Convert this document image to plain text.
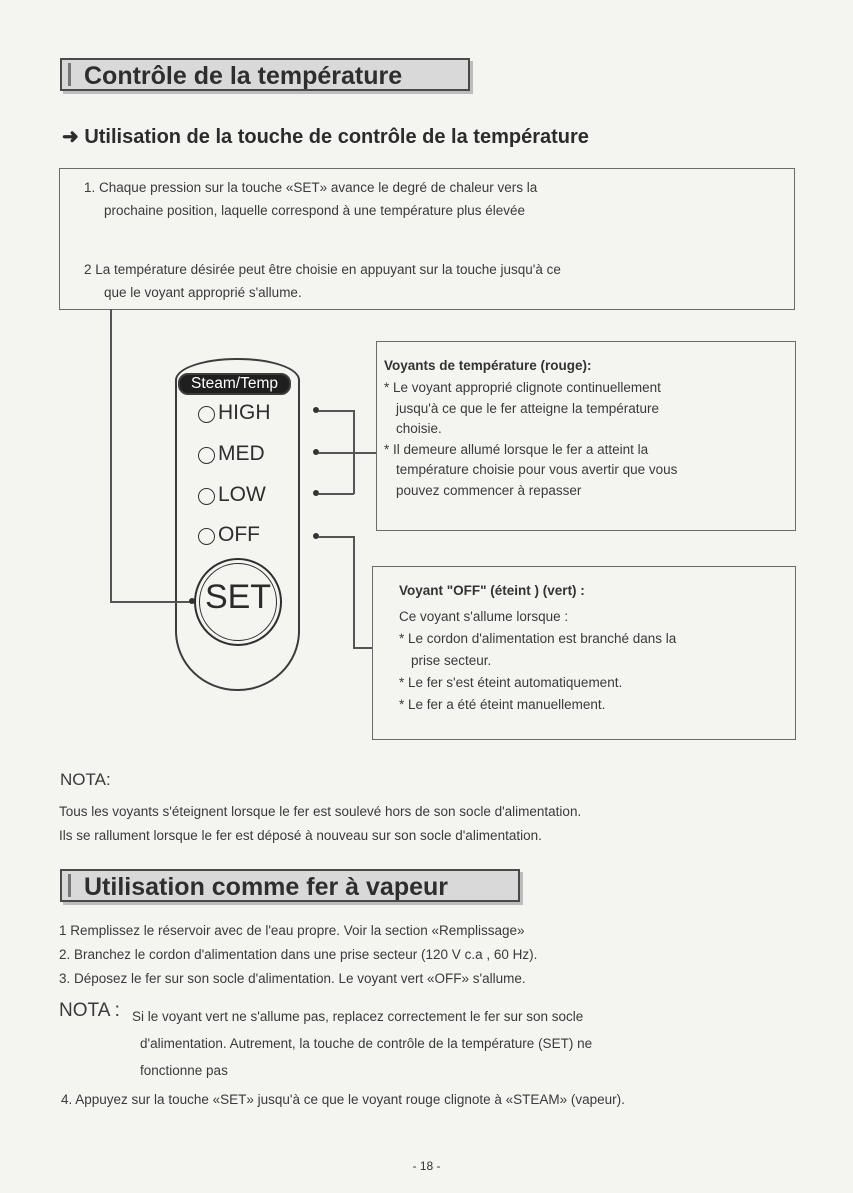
Contrôle de la température
➜ Utilisation de la touche de contrôle de la température
1. Chaque pression sur la touche «SET» avance le degré de chaleur vers la
prochaine position, laquelle correspond à une température plus élevée
2 La température désirée peut être choisie en appuyant sur la touche jusqu'à ce
que le voyant approprié s'allume.
Steam/Temp
HIGH
MED
LOW
OFF
SET
Voyants de température (rouge):
* Le voyant approprié clignote continuellement
jusqu'à ce que le fer atteigne la température
choisie.
* Il demeure allumé lorsque le fer a atteint la
température choisie pour vous avertir que vous
pouvez commencer à repasser
Voyant "OFF" (éteint ) (vert) :
Ce voyant s'allume lorsque :
* Le cordon d'alimentation est branché dans la
prise secteur.
* Le fer s'est éteint automatiquement.
* Le fer a été éteint manuellement.
NOTA:
Tous les voyants s'éteignent lorsque le fer est soulevé hors de son socle d'alimentation.
Ils se rallument lorsque le fer est déposé à nouveau sur son socle d'alimentation.
Utilisation comme fer à vapeur
1 Remplissez le réservoir avec de l'eau propre. Voir la section «Remplissage»
2. Branchez le cordon d'alimentation dans une prise secteur (120 V c.a , 60 Hz).
3. Déposez le fer sur son socle d'alimentation. Le voyant vert «OFF» s'allume.
NOTA : Si le voyant vert ne s'allume pas, replacez correctement le fer sur son socle
d'alimentation. Autrement, la touche de contrôle de la température (SET) ne
fonctionne pas
4. Appuyez sur la touche «SET» jusqu'à ce que le voyant rouge clignote à «STEAM» (vapeur).
- 18 -
